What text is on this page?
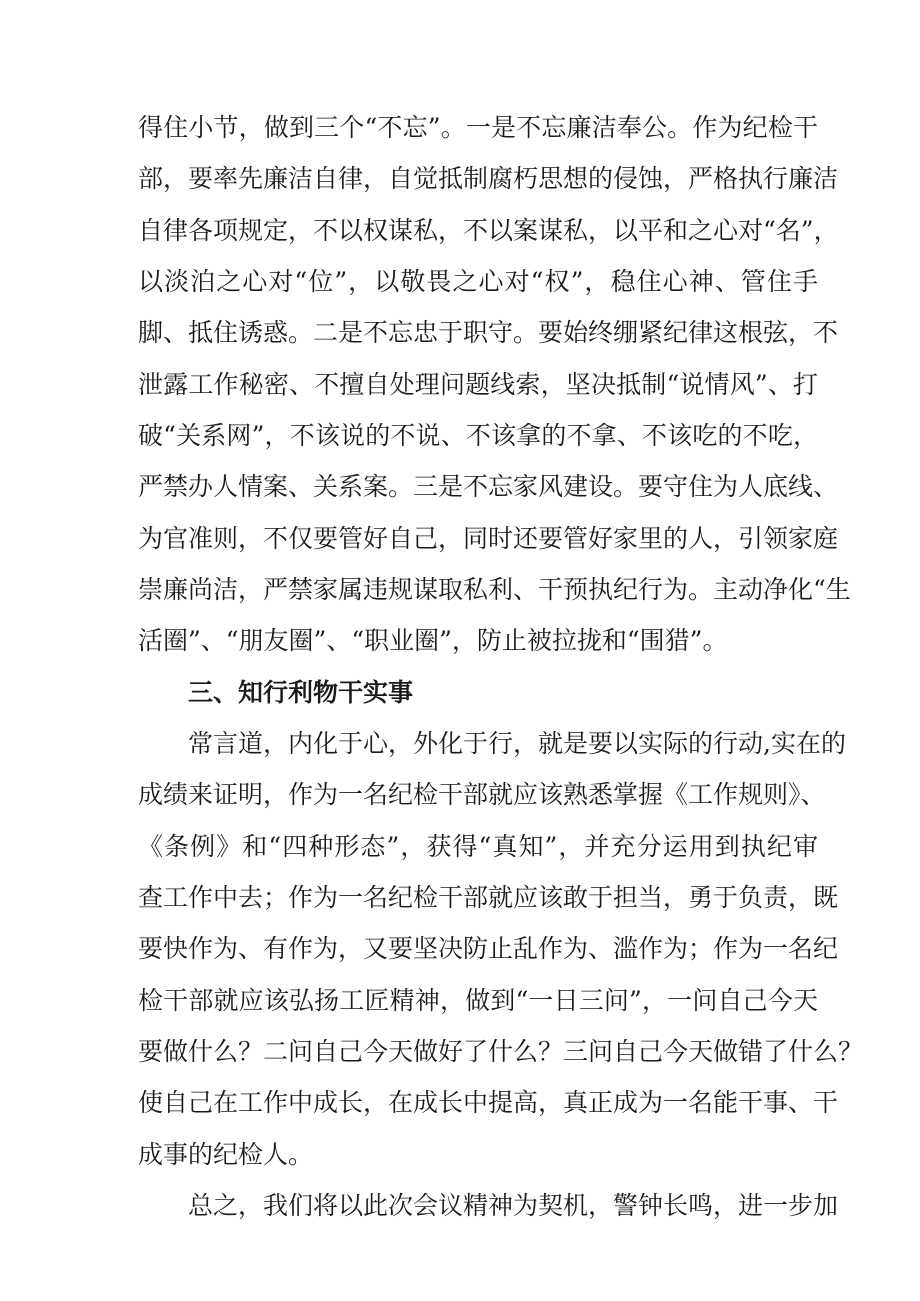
得住小节，做到三个“不忘”。一是不忘廉洁奉公。作为纪检干
部，要率先廉洁自律，自觉抵制腐朽思想的侵蚀，严格执行廉洁
自律各项规定，不以权谋私，不以案谋私，以平和之心对“名”，
以淡泊之心对“位”，以敬畏之心对“权”，稳住心神、管住手
脚、抵住诱惑。二是不忘忠于职守。要始终绷紧纪律这根弦，不
泄露工作秘密、不擅自处理问题线索，坚决抵制“说情风”、打
破“关系网”，不该说的不说、不该拿的不拿、不该吃的不吃，
严禁办人情案、关系案。三是不忘家风建设。要守住为人底线、
为官准则，不仅要管好自己，同时还要管好家里的人，引领家庭
崇廉尚洁，严禁家属违规谋取私利、干预执纪行为。主动净化“生
活圈”、“朋友圈”、“职业圈”，防止被拉拢和“围猎”。
三、知行利物干实事
常言道，内化于心，外化于行，就是要以实际的行动,实在的
成绩来证明，作为一名纪检干部就应该熟悉掌握《工作规则》、
《条例》和“四种形态”，获得“真知”，并充分运用到执纪审
查工作中去；作为一名纪检干部就应该敢于担当，勇于负责，既
要快作为、有作为，又要坚决防止乱作为、滥作为；作为一名纪
检干部就应该弘扬工匠精神，做到“一日三问”，一问自己今天
要做什么？二问自己今天做好了什么？三问自己今天做错了什么？
使自己在工作中成长，在成长中提高，真正成为一名能干事、干
成事的纪检人。
总之，我们将以此次会议精神为契机，警钟长鸣，进一步加
